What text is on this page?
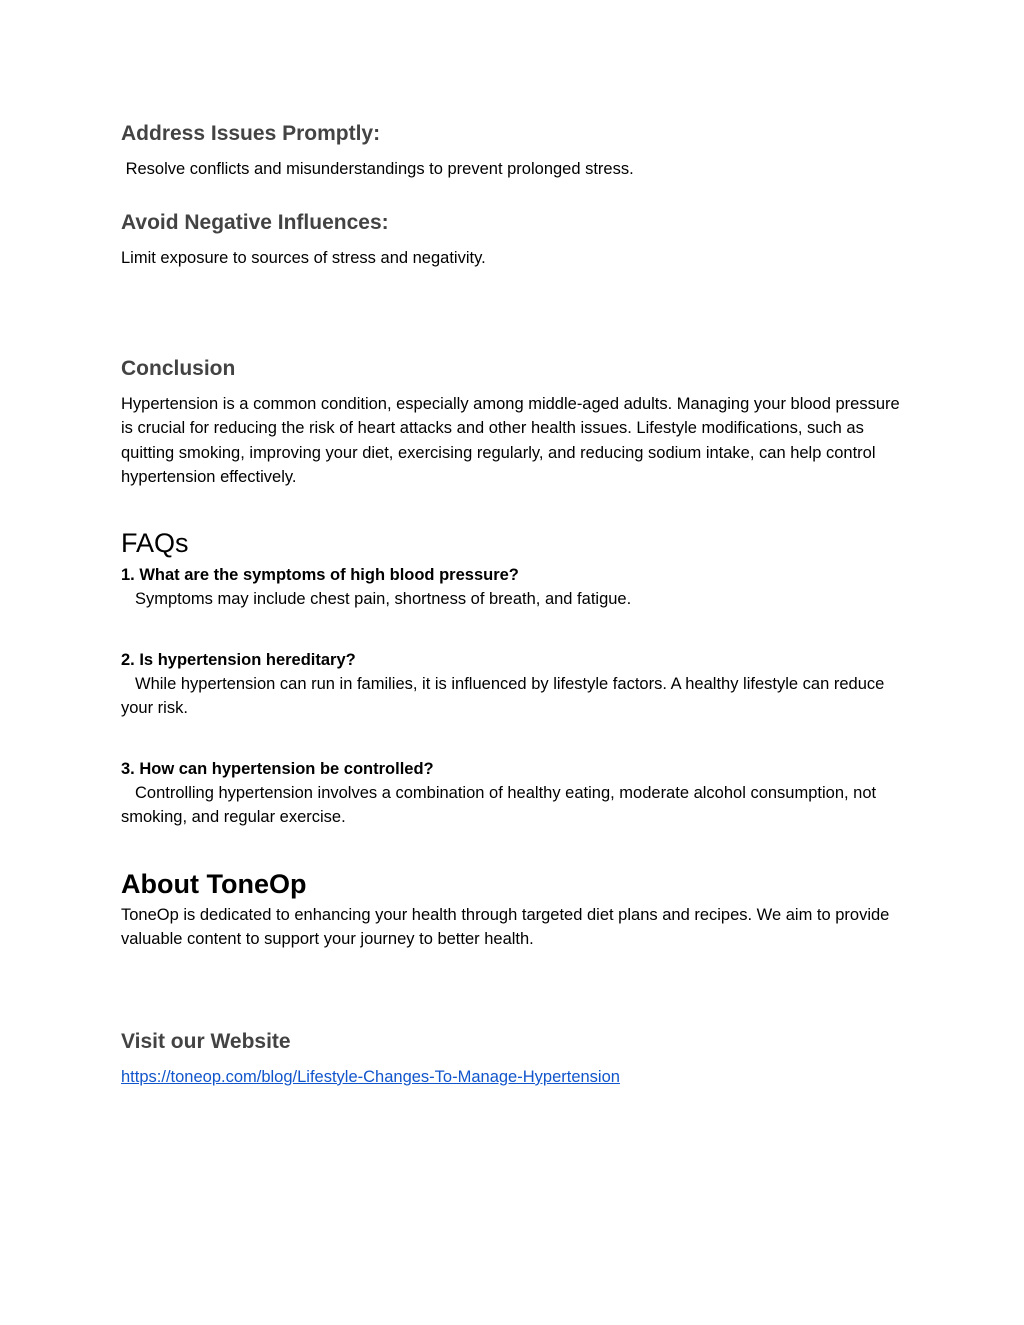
Address Issues Promptly:

Resolve conflicts and misunderstandings to prevent prolonged stress.

Avoid Negative Influences:

Limit exposure to sources of stress and negativity.

Conclusion

Hypertension is a common condition, especially among middle-aged adults. Managing your blood pressure is crucial for reducing the risk of heart attacks and other health issues. Lifestyle modifications, such as quitting smoking, improving your diet, exercising regularly, and reducing sodium intake, can help control hypertension effectively.

FAQs
1. What are the symptoms of high blood pressure?
Symptoms may include chest pain, shortness of breath, and fatigue.
2. Is hypertension hereditary?
While hypertension can run in families, it is influenced by lifestyle factors. A healthy lifestyle can reduce your risk.
3. How can hypertension be controlled?
Controlling hypertension involves a combination of healthy eating, moderate alcohol consumption, not smoking, and regular exercise.
About ToneOp

ToneOp is dedicated to enhancing your health through targeted diet plans and recipes. We aim to provide valuable content to support your journey to better health.

Visit our Website
https://toneop.com/blog/Lifestyle-Changes-To-Manage-Hypertension
